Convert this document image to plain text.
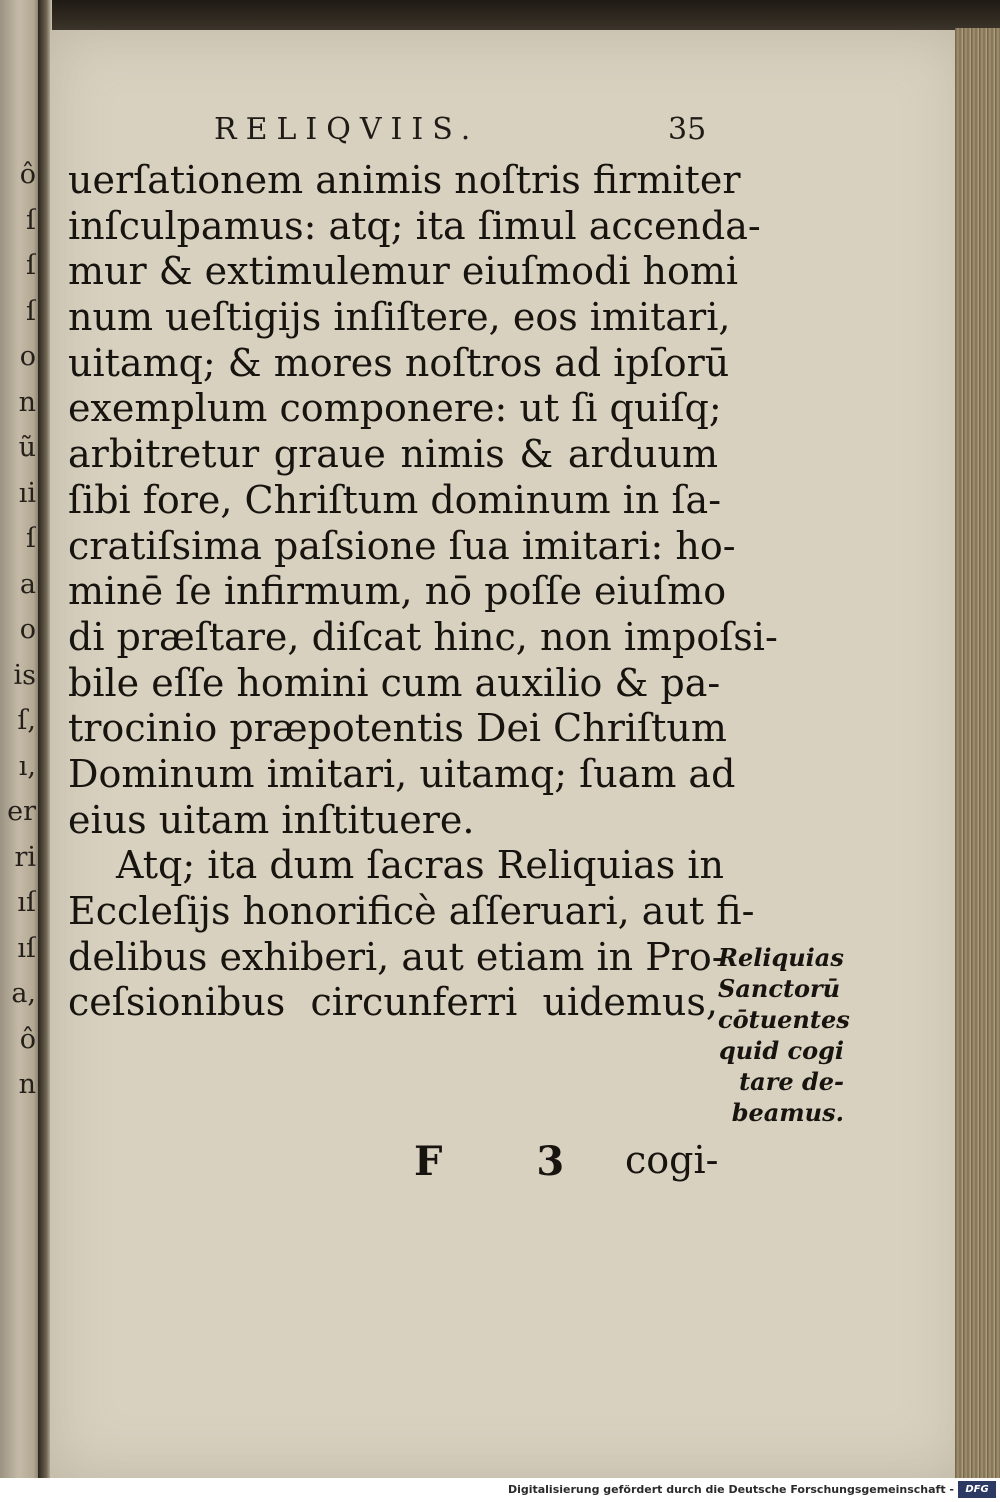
ô
ſ
ſ
ſ
o
n
ũ
ıi
ſ
a
o
is
ſ,
ı,
er
ri
ıſ
ıſ
a,
ô
n
RELIQVIIS.	35
uerſationem animis noſtris firmiter
inſculpamus: atq; ita ſimul accenda-
mur & extimulemur eiuſmodi homi
num ueſtigijs inſiſtere, eos imitari,
uitamq; & mores noſtros ad ipſorū
exemplum componere: ut ſi quiſq;
arbitretur graue nimis & arduum
ſibi fore, Chriſtum dominum in ſa-
cratiſsima paſsione ſua imitari: ho-
minē ſe infirmum, nō poſſe eiuſmo
di præſtare, diſcat hinc, non impoſsi-
bile eſſe homini cum auxilio & pa-
trocinio præpotentis Dei Chriſtum
Dominum imitari, uitamq; ſuam ad
eius uitam inſtituere.
Atq; ita dum ſacras Reliquias in
Eccleſijs honorificè aſſeruari, aut fi-
delibus exhiberi, aut etiam in Pro-
ceſsionibus circunferri uidemus,
Reliquias
Sanctorū
cōtuentes
quid cogi
tare de-
beamus.
F 3 cogi-
Digitalisierung gefördert durch die Deutsche Forschungsgemeinschaft -	DFG
